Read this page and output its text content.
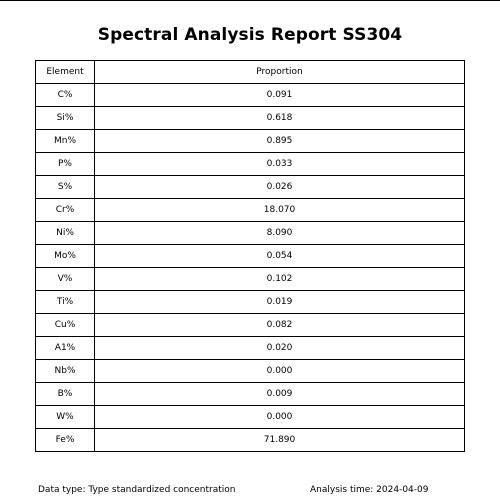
Spectral Analysis Report SS304
Element	Proportion
C%	0.091
Si%	0.618
Mn%	0.895
P%	0.033
S%	0.026
Cr%	18.070
Ni%	8.090
Mo%	0.054
V%	0.102
Ti%	0.019
Cu%	0.082
A1%	0.020
Nb%	0.000
B%	0.009
W%	0.000
Fe%	71.890
Data type: Type standardized concentration	Analysis time: 2024-04-09
